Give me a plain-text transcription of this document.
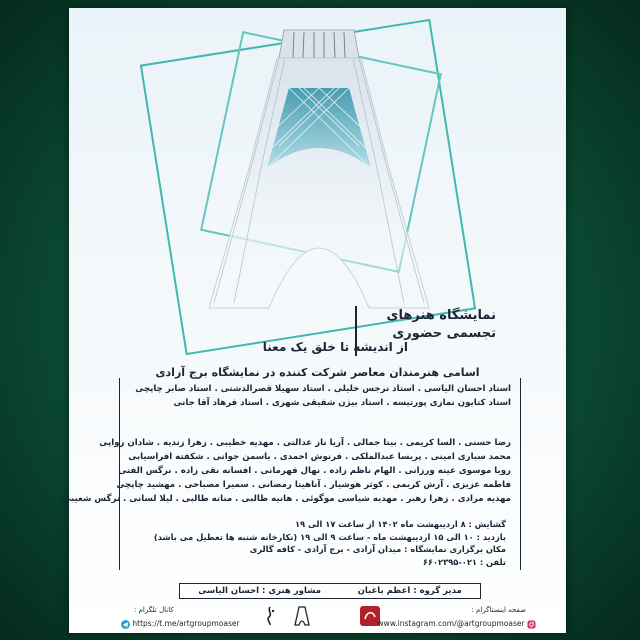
نمایشگاه هنرهای
تجسمی حضوری
از اندیشه تا خلق یک معنا
اسامی هنرمندان معاصر شرکت کننده در نمایشگاه برج آزادی
استاد احسان الیاسی . استاد نرجس خلیلی . استاد سهیلا قصرالدشتی . استاد صابر چاپچی
استاد کتایون نمازی پورتیسه . استاد بیژن شفیقی شهری . استاد فرهاد آقا جانی
رضا حسنی . السا کریمی . بیتا جمالی . آریا ناز عدالتی . مهدیه خطیبی . زهرا زندیه . شادان رواپی
محمد سیاری امینی . پریسا عبدالملکی . فرنوش احمدی . یاسمن جوانی . شکفته افراسیابی
رویا موسوی عینه ورزانی . الهام ناظم زاده . نهال قهرمانی . افسانه نقی زاده . نرگس الفتی
فاطمه عزیزی . آرش کریمی . کوثر هوشیار . آناهیتا رمضانی . سمیرا مصباحی . مهشید چاپچی
مهدیه مرادی . زهرا رهبر . مهدیه شیاسی موگوئی . هانیه طالبی . منانه طالبی . لیلا لسانی . نرگس شعیبی
گشایش : ۸ اردیبهشت ماه ۱۴۰۲ از ساعت ۱۷ الی ۱۹
بازدید : ۱۰ الی ۱۵ اردیبهشت ماه - ساعت ۹ الی ۱۹ (نکارخانه شنبه ها تعطیل می باشد)
مکان برگزاری نمایشگاه : میدان آزادی - برج آزادی - کافه گالری
تلفن : ۰۲۱-۶۶۰۲۳۹۵
مدیر گروه : اعظم باغبان
مشاور هنری : احسان الیاسی
کانال تلگرام :
https://t.me/artgroupmoaser
صفحه اینستاگرام :
www.instagram.com/@artgroupmoaser
